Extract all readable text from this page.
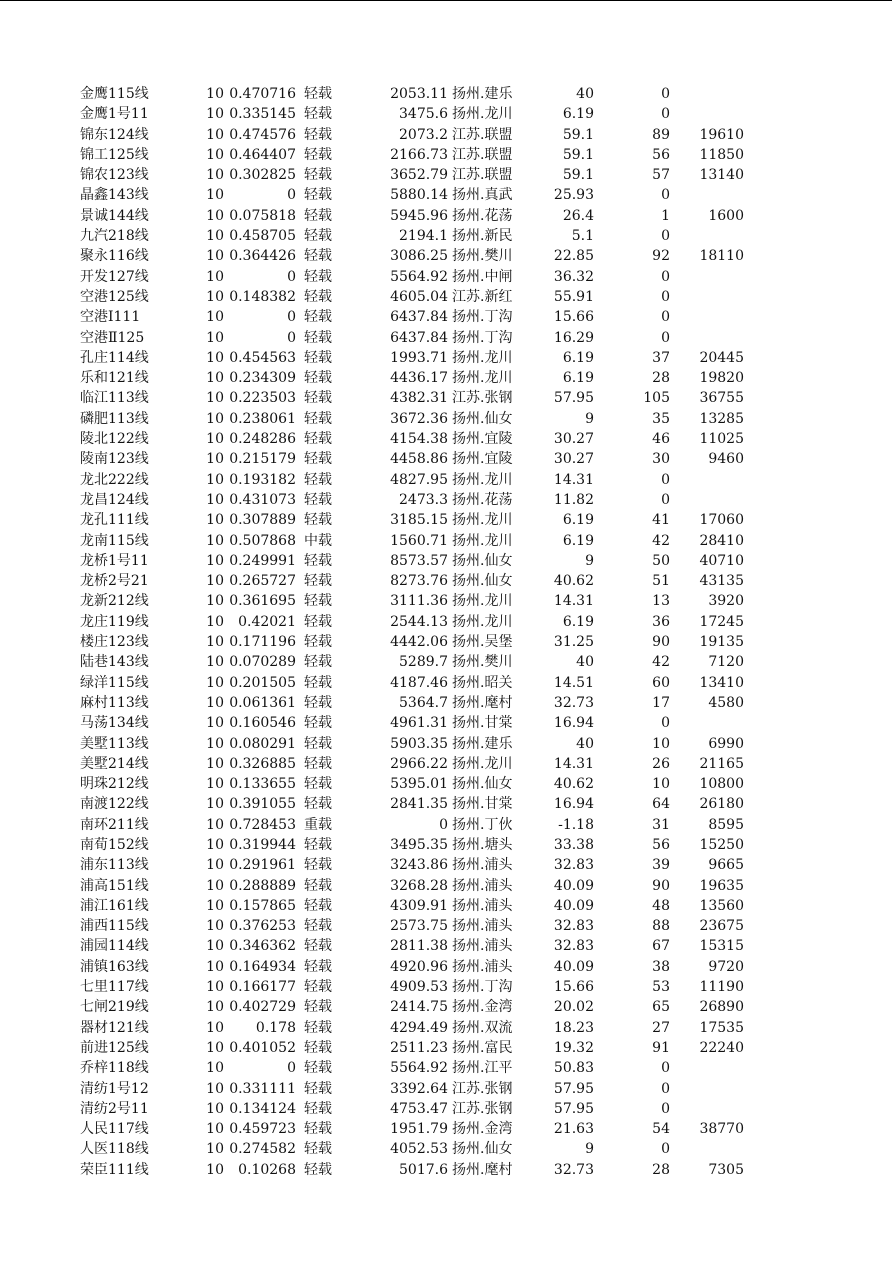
金鹰115线	10 0.470716 轻载	2053.11 扬州.建乐	40	0
金鹰1号11	10 0.335145 轻载	3475.6 扬州.龙川	6.19	0
锦东124线	10 0.474576 轻载	2073.2 江苏.联盟	59.1	89	19610
锦工125线	10 0.464407 轻载	2166.73 江苏.联盟	59.1	56	11850
锦农123线	10 0.302825 轻载	3652.79 江苏.联盟	59.1	57	13140
晶鑫143线	10	0 轻载	5880.14 扬州.真武	25.93	0
景诚144线	10 0.075818 轻载	5945.96 扬州.花荡	26.4	1	1600
九汽218线	10 0.458705 轻载	2194.1 扬州.新民	5.1	0
聚永116线	10 0.364426 轻载	3086.25 扬州.樊川	22.85	92	18110
开发127线	10	0 轻载	5564.92 扬州.中闸	36.32	0
空港125线	10 0.148382 轻载	4605.04 江苏.新红	55.91	0
空港Ⅰ111	10	0 轻载	6437.84 扬州.丁沟	15.66	0
空港Ⅱ125	10	0 轻载	6437.84 扬州.丁沟	16.29	0
孔庄114线	10 0.454563 轻载	1993.71 扬州.龙川	6.19	37	20445
乐和121线	10 0.234309 轻载	4436.17 扬州.龙川	6.19	28	19820
临江113线	10 0.223503 轻载	4382.31 江苏.张钢	57.95	105	36755
磷肥113线	10 0.238061 轻载	3672.36 扬州.仙女	9	35	13285
陵北122线	10 0.248286 轻载	4154.38 扬州.宜陵	30.27	46	11025
陵南123线	10 0.215179 轻载	4458.86 扬州.宜陵	30.27	30	9460
龙北222线	10 0.193182 轻载	4827.95 扬州.龙川	14.31	0
龙昌124线	10 0.431073 轻载	2473.3 扬州.花荡	11.82	0
龙孔111线	10 0.307889 轻载	3185.15 扬州.龙川	6.19	41	17060
龙南115线	10 0.507868 中载	1560.71 扬州.龙川	6.19	42	28410
龙桥1号11	10 0.249991 轻载	8573.57 扬州.仙女	9	50	40710
龙桥2号21	10 0.265727 轻载	8273.76 扬州.仙女	40.62	51	43135
龙新212线	10 0.361695 轻载	3111.36 扬州.龙川	14.31	13	3920
龙庄119线	10	0.42021 轻载	2544.13 扬州.龙川	6.19	36	17245
楼庄123线	10 0.171196 轻载	4442.06 扬州.吴堡	31.25	90	19135
陆巷143线	10 0.070289 轻载	5289.7 扬州.樊川	40	42	7120
绿洋115线	10 0.201505 轻载	4187.46 扬州.昭关	14.51	60	13410
麻村113线	10 0.061361 轻载	5364.7 扬州.麾村	32.73	17	4580
马荡134线	10 0.160546 轻载	4961.31 扬州.甘棠	16.94	0
美墅113线	10 0.080291 轻载	5903.35 扬州.建乐	40	10	6990
美墅214线	10 0.326885 轻载	2966.22 扬州.龙川	14.31	26	21165
明珠212线	10 0.133655 轻载	5395.01 扬州.仙女	40.62	10	10800
南渡122线	10 0.391055 轻载	2841.35 扬州.甘棠	16.94	64	26180
南环211线	10 0.728453 重载	0 扬州.丁伙	-1.18	31	8595
南荀152线	10 0.319944 轻载	3495.35 扬州.塘头	33.38	56	15250
浦东113线	10 0.291961 轻载	3243.86 扬州.浦头	32.83	39	9665
浦高151线	10 0.288889 轻载	3268.28 扬州.浦头	40.09	90	19635
浦江161线	10 0.157865 轻载	4309.91 扬州.浦头	40.09	48	13560
浦西115线	10 0.376253 轻载	2573.75 扬州.浦头	32.83	88	23675
浦园114线	10 0.346362 轻载	2811.38 扬州.浦头	32.83	67	15315
浦镇163线	10 0.164934 轻载	4920.96 扬州.浦头	40.09	38	9720
七里117线	10 0.166177 轻载	4909.53 扬州.丁沟	15.66	53	11190
七闸219线	10 0.402729 轻载	2414.75 扬州.金湾	20.02	65	26890
器材121线	10	0.178 轻载	4294.49 扬州.双流	18.23	27	17535
前进125线	10 0.401052 轻载	2511.23 扬州.富民	19.32	91	22240
乔梓118线	10	0 轻载	5564.92 扬州.江平	50.83	0
清纺1号12	10 0.331111 轻载	3392.64 江苏.张钢	57.95	0
清纺2号11	10 0.134124 轻载	4753.47 江苏.张钢	57.95	0
人民117线	10 0.459723 轻载	1951.79 扬州.金湾	21.63	54	38770
人医118线	10 0.274582 轻载	4052.53 扬州.仙女	9	0
荣臣111线	10	0.10268 轻载	5017.6 扬州.麾村	32.73	28	7305
